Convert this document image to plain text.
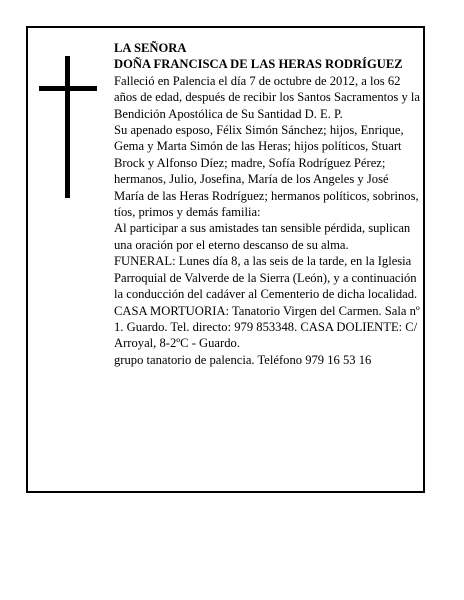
LA SEÑORA

DOÑA FRANCISCA DE LAS HERAS RODRÍGUEZ

Falleció en Palencia el día 7 de octubre de 2012, a los 62 años de edad, después de recibir los Santos Sacramentos y la Bendición Apostólica de Su Santidad D. E. P.

Su apenado esposo, Félix Simón Sánchez; hijos, Enrique, Gema y Marta Simón de las Heras; hijos políticos, Stuart Brock y Alfonso Díez; madre, Sofía Rodríguez Pérez; hermanos, Julio, Josefina, María de los Angeles y José María de las Heras Rodríguez; hermanos políticos, sobrinos, tíos, primos y demás familia:

Al participar a sus amistades tan sensible pérdida, suplican una oración por el eterno descanso de su alma.

FUNERAL: Lunes día 8, a las seis de la tarde, en la Iglesia Parroquial de Valverde de la Sierra (León), y a continuación la conducción del cadáver al Cementerio de dicha localidad.

CASA MORTUORIA: Tanatorio Virgen del Carmen. Sala nº 1. Guardo. Tel. directo: 979 853348. CASA DOLIENTE: C/ Arroyal, 8-2ºC - Guardo.

grupo tanatorio de palencia. Teléfono 979 16 53 16
